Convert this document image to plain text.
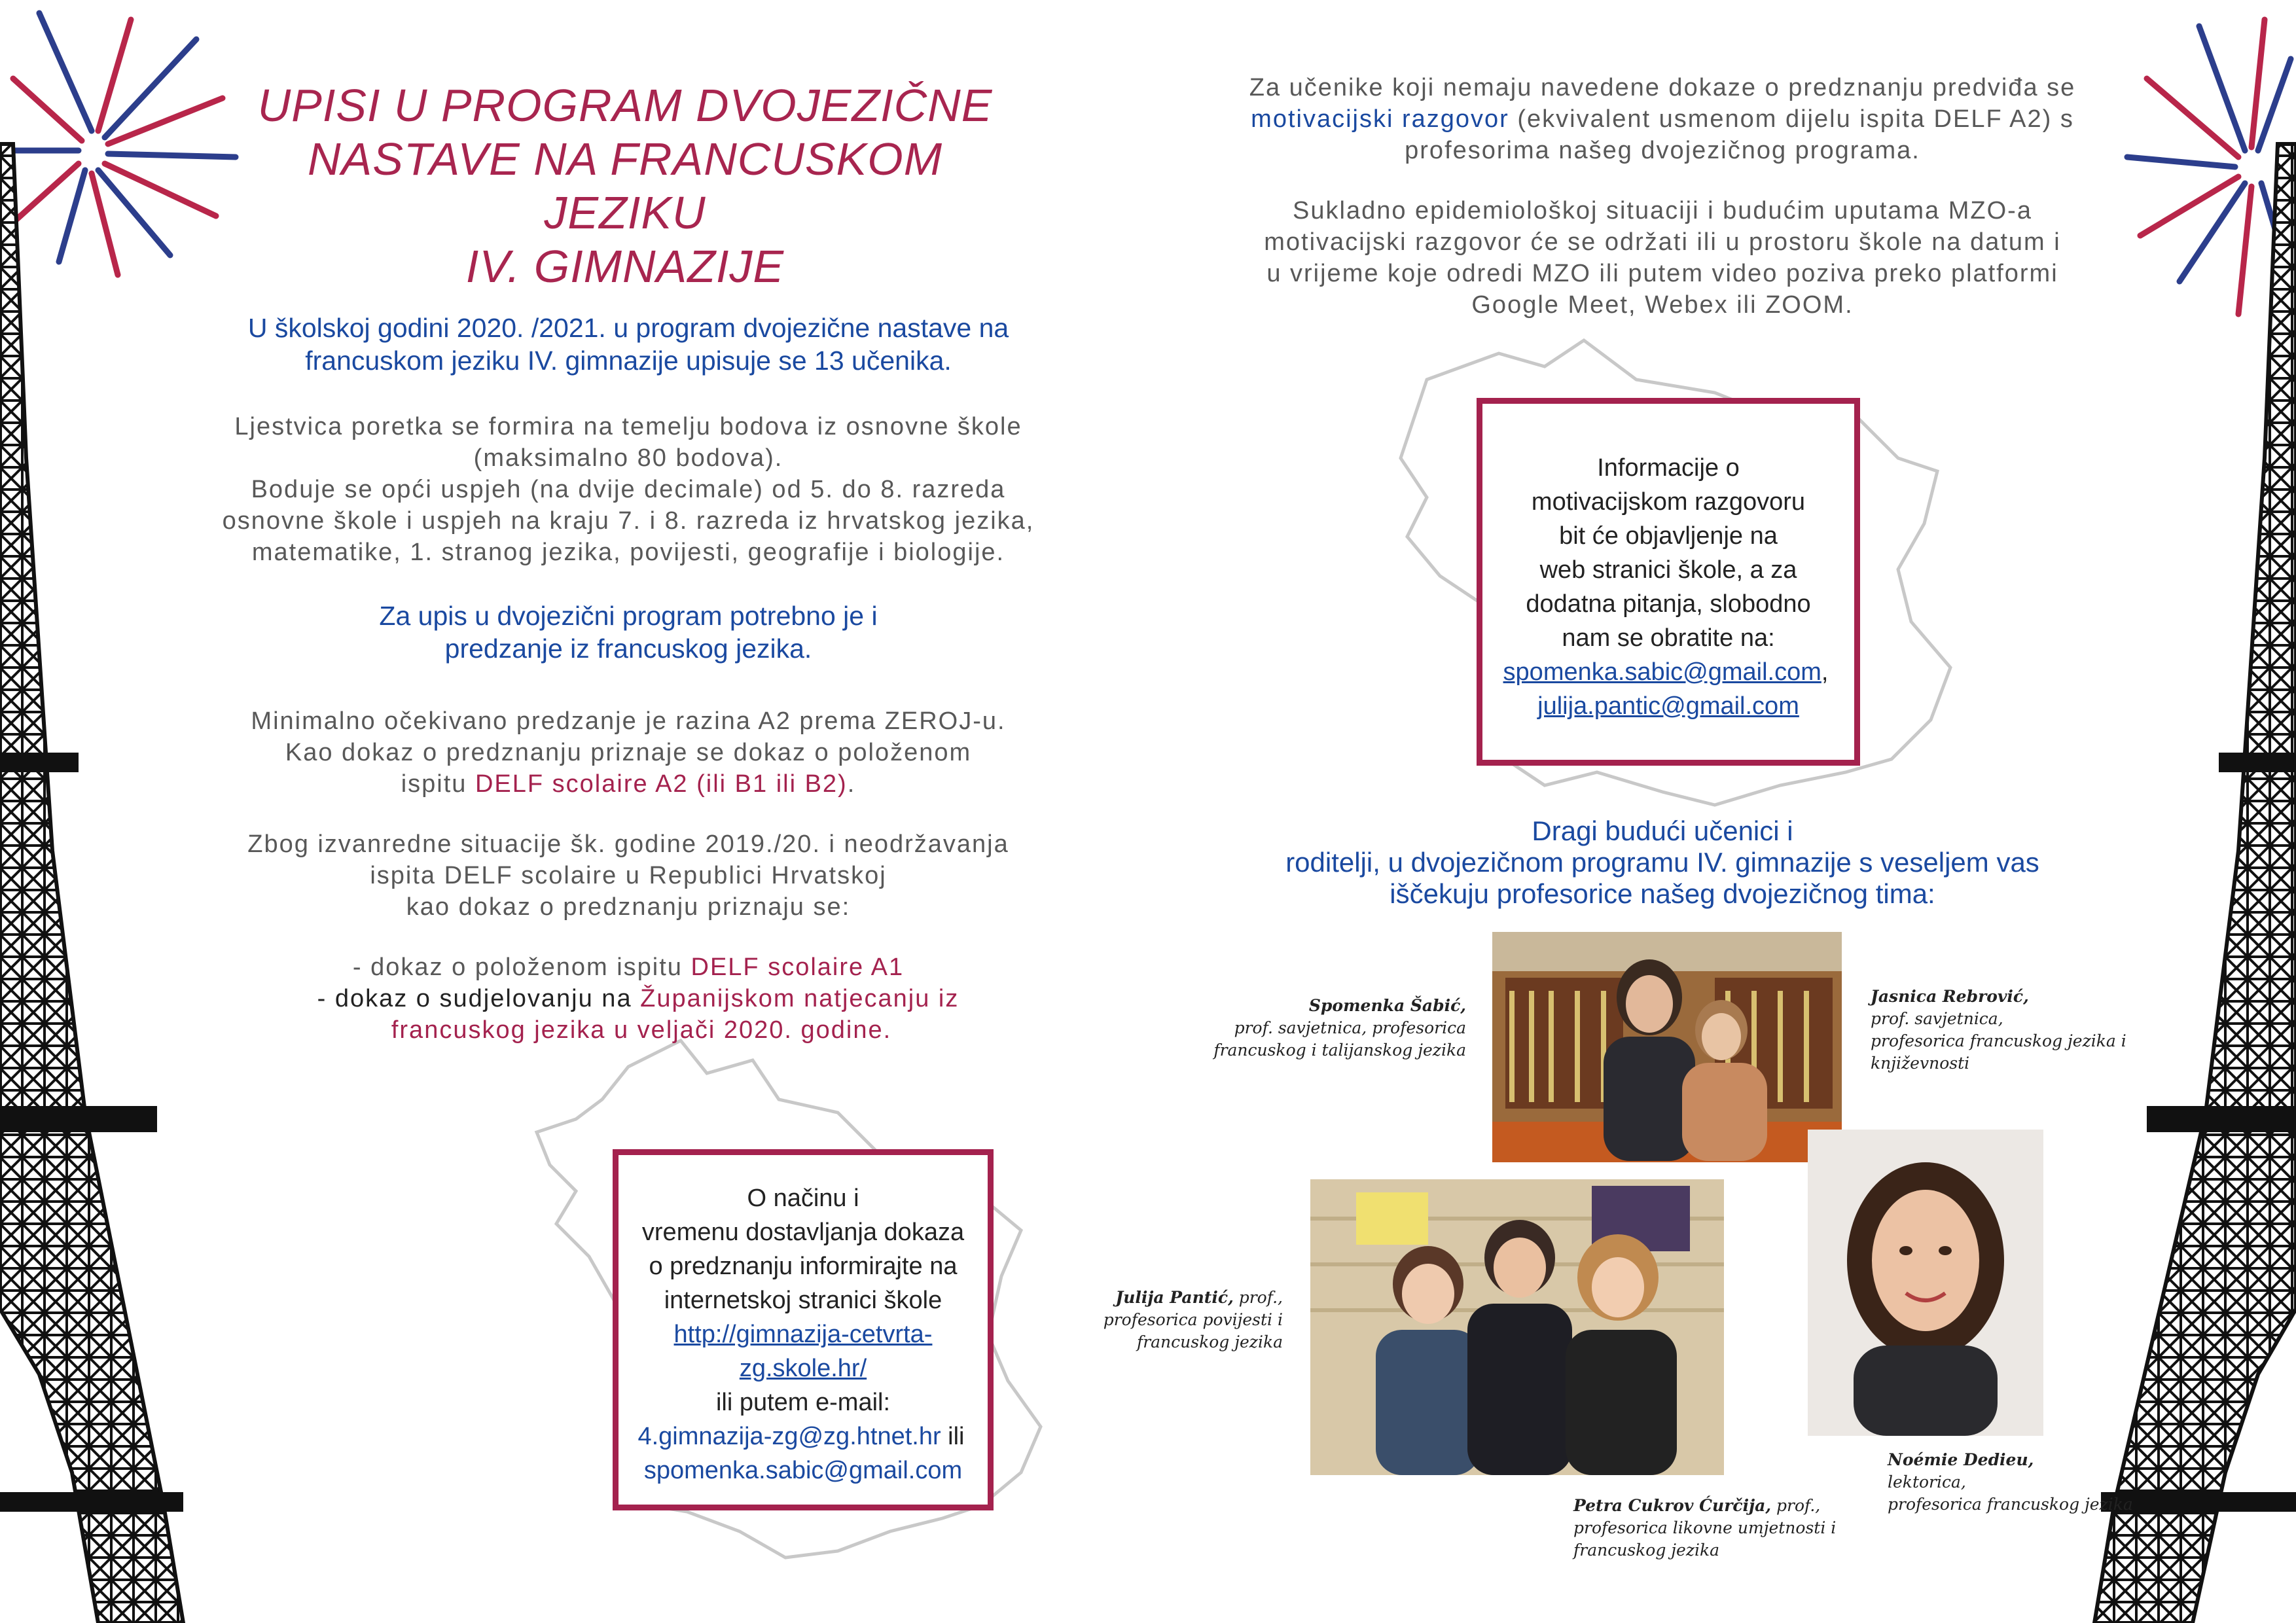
UPISI U PROGRAM DVOJEZIČNE
NASTAVE NA FRANCUSKOM JEZIKU
IV. GIMNAZIJE
U školskoj godini 2020. /2021. u program dvojezične nastave na
francuskom jeziku IV. gimnazije upisuje se 13 učenika.
Ljestvica poretka se formira na temelju bodova iz osnovne škole
(maksimalno 80 bodova).
Boduje se opći uspjeh (na dvije decimale) od 5. do 8. razreda
osnovne škole i uspjeh na kraju 7. i 8. razreda iz hrvatskog jezika,
matematike, 1. stranog jezika, povijesti, geografije i biologije.
Za upis u dvojezični program potrebno je i
predzanje iz francuskog jezika.
Minimalno očekivano predzanje je razina A2 prema ZEROJ-u.
Kao dokaz o predznanju priznaje se dokaz o položenom
ispitu DELF scolaire A2 (ili B1 ili B2).
Zbog izvanredne situacije šk. godine 2019./20. i neodržavanja
ispita DELF scolaire u Republici Hrvatskoj
kao dokaz o predznanju priznaju se:
- dokaz o položenom ispitu DELF scolaire A1
- dokaz o sudjelovanju na Županijskom natjecanju iz
francuskog jezika u veljači 2020. godine.
O načinu i
vremenu dostavljanja dokaza
o predznanju informirajte na
internetskoj stranici škole
http://gimnazija-cetvrta-
zg.skole.hr/
ili putem e-mail:
4.gimnazija-zg@zg.htnet.hr ili
spomenka.sabic@gmail.com
Za učenike koji nemaju navedene dokaze o predznanju predviđa se
motivacijski razgovor (ekvivalent usmenom dijelu ispita DELF A2) s
profesorima našeg dvojezičnog programa.
Sukladno epidemiološkoj situaciji i budućim uputama MZO-a
motivacijski razgovor će se održati ili u prostoru škole na datum i
u vrijeme koje odredi MZO ili putem video poziva preko platformi
Google Meet, Webex ili ZOOM.
Informacije o
motivacijskom razgovoru
bit će objavljenje na
web stranici škole, a za
dodatna pitanja, slobodno
nam se obratite na:
spomenka.sabic@gmail.com,
julija.pantic@gmail.com
Dragi budući učenici i
roditelji, u dvojezičnom programu IV. gimnazije s veseljem vas
iščekuju profesorice našeg dvojezičnog tima:
Spomenka Šabić,
prof. savjetnica, profesorica
francuskog i talijanskog jezika
Jasnica Rebrović,
prof. savjetnica,
profesorica francuskog jezika i
književnosti
Julija Pantić, prof.,
profesorica povijesti i
francuskog jezika
Noémie Dedieu,
lektorica,
profesorica francuskog jezika
Petra Cukrov Ćurčija, prof.,
profesorica likovne umjetnosti i
francuskog jezika
